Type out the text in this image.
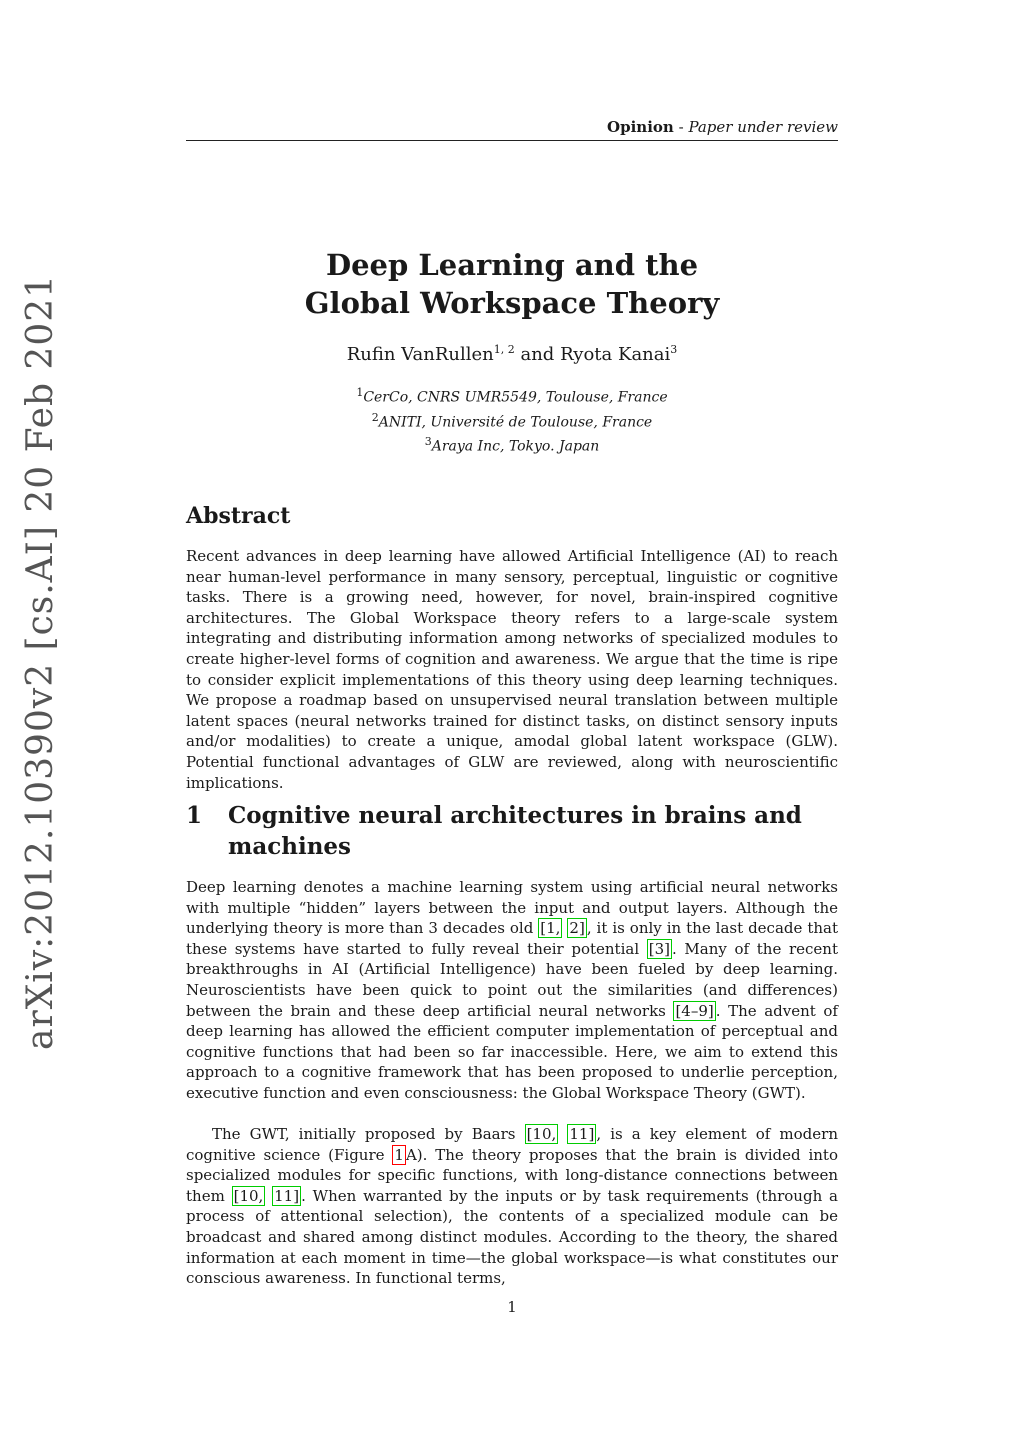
Opinion - Paper under review
arXiv:2012.10390v2 [cs.AI] 20 Feb 2021
Deep Learning and the
Global Workspace Theory
Rufin VanRullen$^{1, 2}$ and Ryota Kanai$^3$
$^1$CerCo, CNRS UMR5549, Toulouse, France
$^2$ANITI, Université de Toulouse, France
$^3$Araya Inc, Tokyo. Japan
Abstract
Recent advances in deep learning have allowed Artificial Intelligence (AI) to reach near human-level performance in many sensory, perceptual, linguistic or cognitive tasks. There is a growing need, however, for novel, brain-inspired cognitive architectures. The Global Workspace theory refers to a large-scale system integrating and distributing information among networks of specialized modules to create higher-level forms of cognition and awareness. We argue that the time is ripe to consider explicit implementations of this theory using deep learning techniques. We propose a roadmap based on unsupervised neural translation between multiple latent spaces (neural networks trained for distinct tasks, on distinct sensory inputs and/or modalities) to create a unique, amodal global latent workspace (GLW). Potential functional advantages of GLW are reviewed, along with neuroscientific implications.
1	Cognitive neural architectures in brains and machines
Deep learning denotes a machine learning system using artificial neural networks with multiple “hidden” layers between the input and output layers. Although the underlying theory is more than 3 decades old [1, 2] , it is only in the last decade that these systems have started to fully reveal their potential [3] . Many of the recent breakthroughs in AI (Artificial Intelligence) have been fueled by deep learning. Neuroscientists have been quick to point out the similarities (and differences) between the brain and these deep artificial neural networks [4–9] . The advent of deep learning has allowed the efficient computer implementation of perceptual and cognitive functions that had been so far inaccessible. Here, we aim to extend this approach to a cognitive framework that has been proposed to underlie perception, executive function and even consciousness: the Global Workspace Theory (GWT).
The GWT, initially proposed by Baars [10, 11] , is a key element of modern cognitive science (Figure 1 A). The theory proposes that the brain is divided into specialized modules for specific functions, with long-distance connections between them [10, 11] . When warranted by the inputs or by task requirements (through a process of attentional selection), the contents of a specialized module can be broadcast and shared among distinct modules. According to the theory, the shared information at each moment in time—the global workspace—is what constitutes our conscious awareness. In functional terms,
1
